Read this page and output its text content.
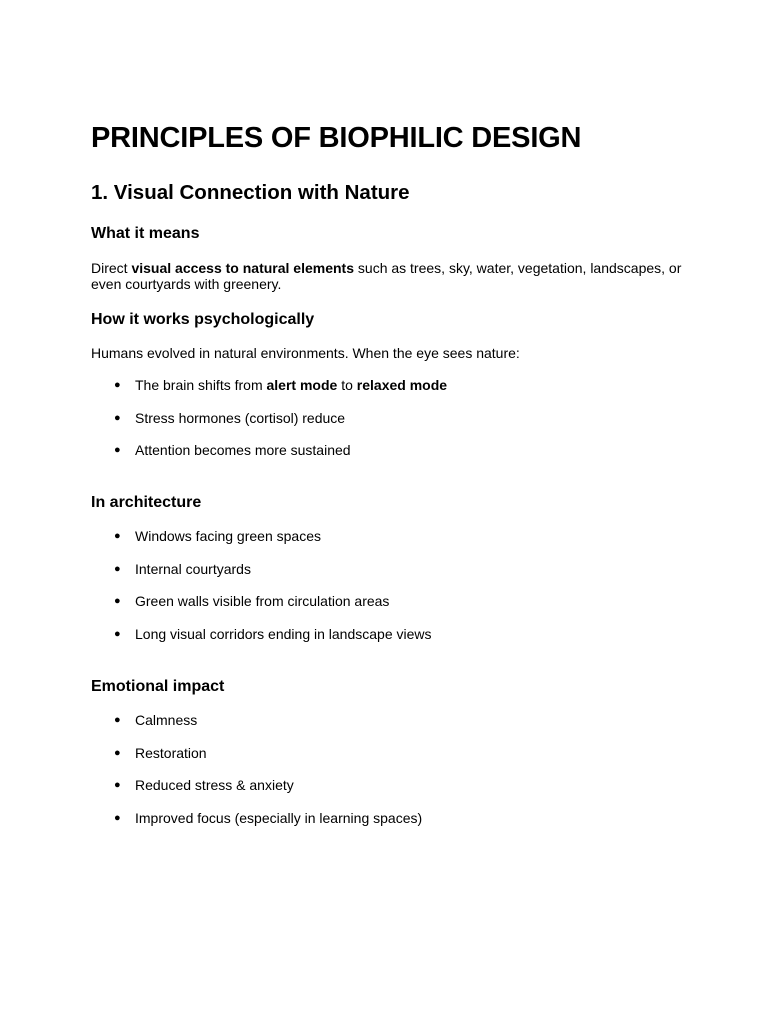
PRINCIPLES OF BIOPHILIC DESIGN
1. Visual Connection with Nature
What it means

Direct visual access to natural elements such as trees, sky, water, vegetation, landscapes, or even courtyards with greenery.

How it works psychologically

Humans evolved in natural environments. When the eye sees nature:

● The brain shifts from alert mode to relaxed mode
● Stress hormones (cortisol) reduce
● Attention becomes more sustained
In architecture
● Windows facing green spaces
● Internal courtyards
● Green walls visible from circulation areas
● Long visual corridors ending in landscape views
Emotional impact
● Calmness
● Restoration
● Reduced stress & anxiety
● Improved focus (especially in learning spaces)
